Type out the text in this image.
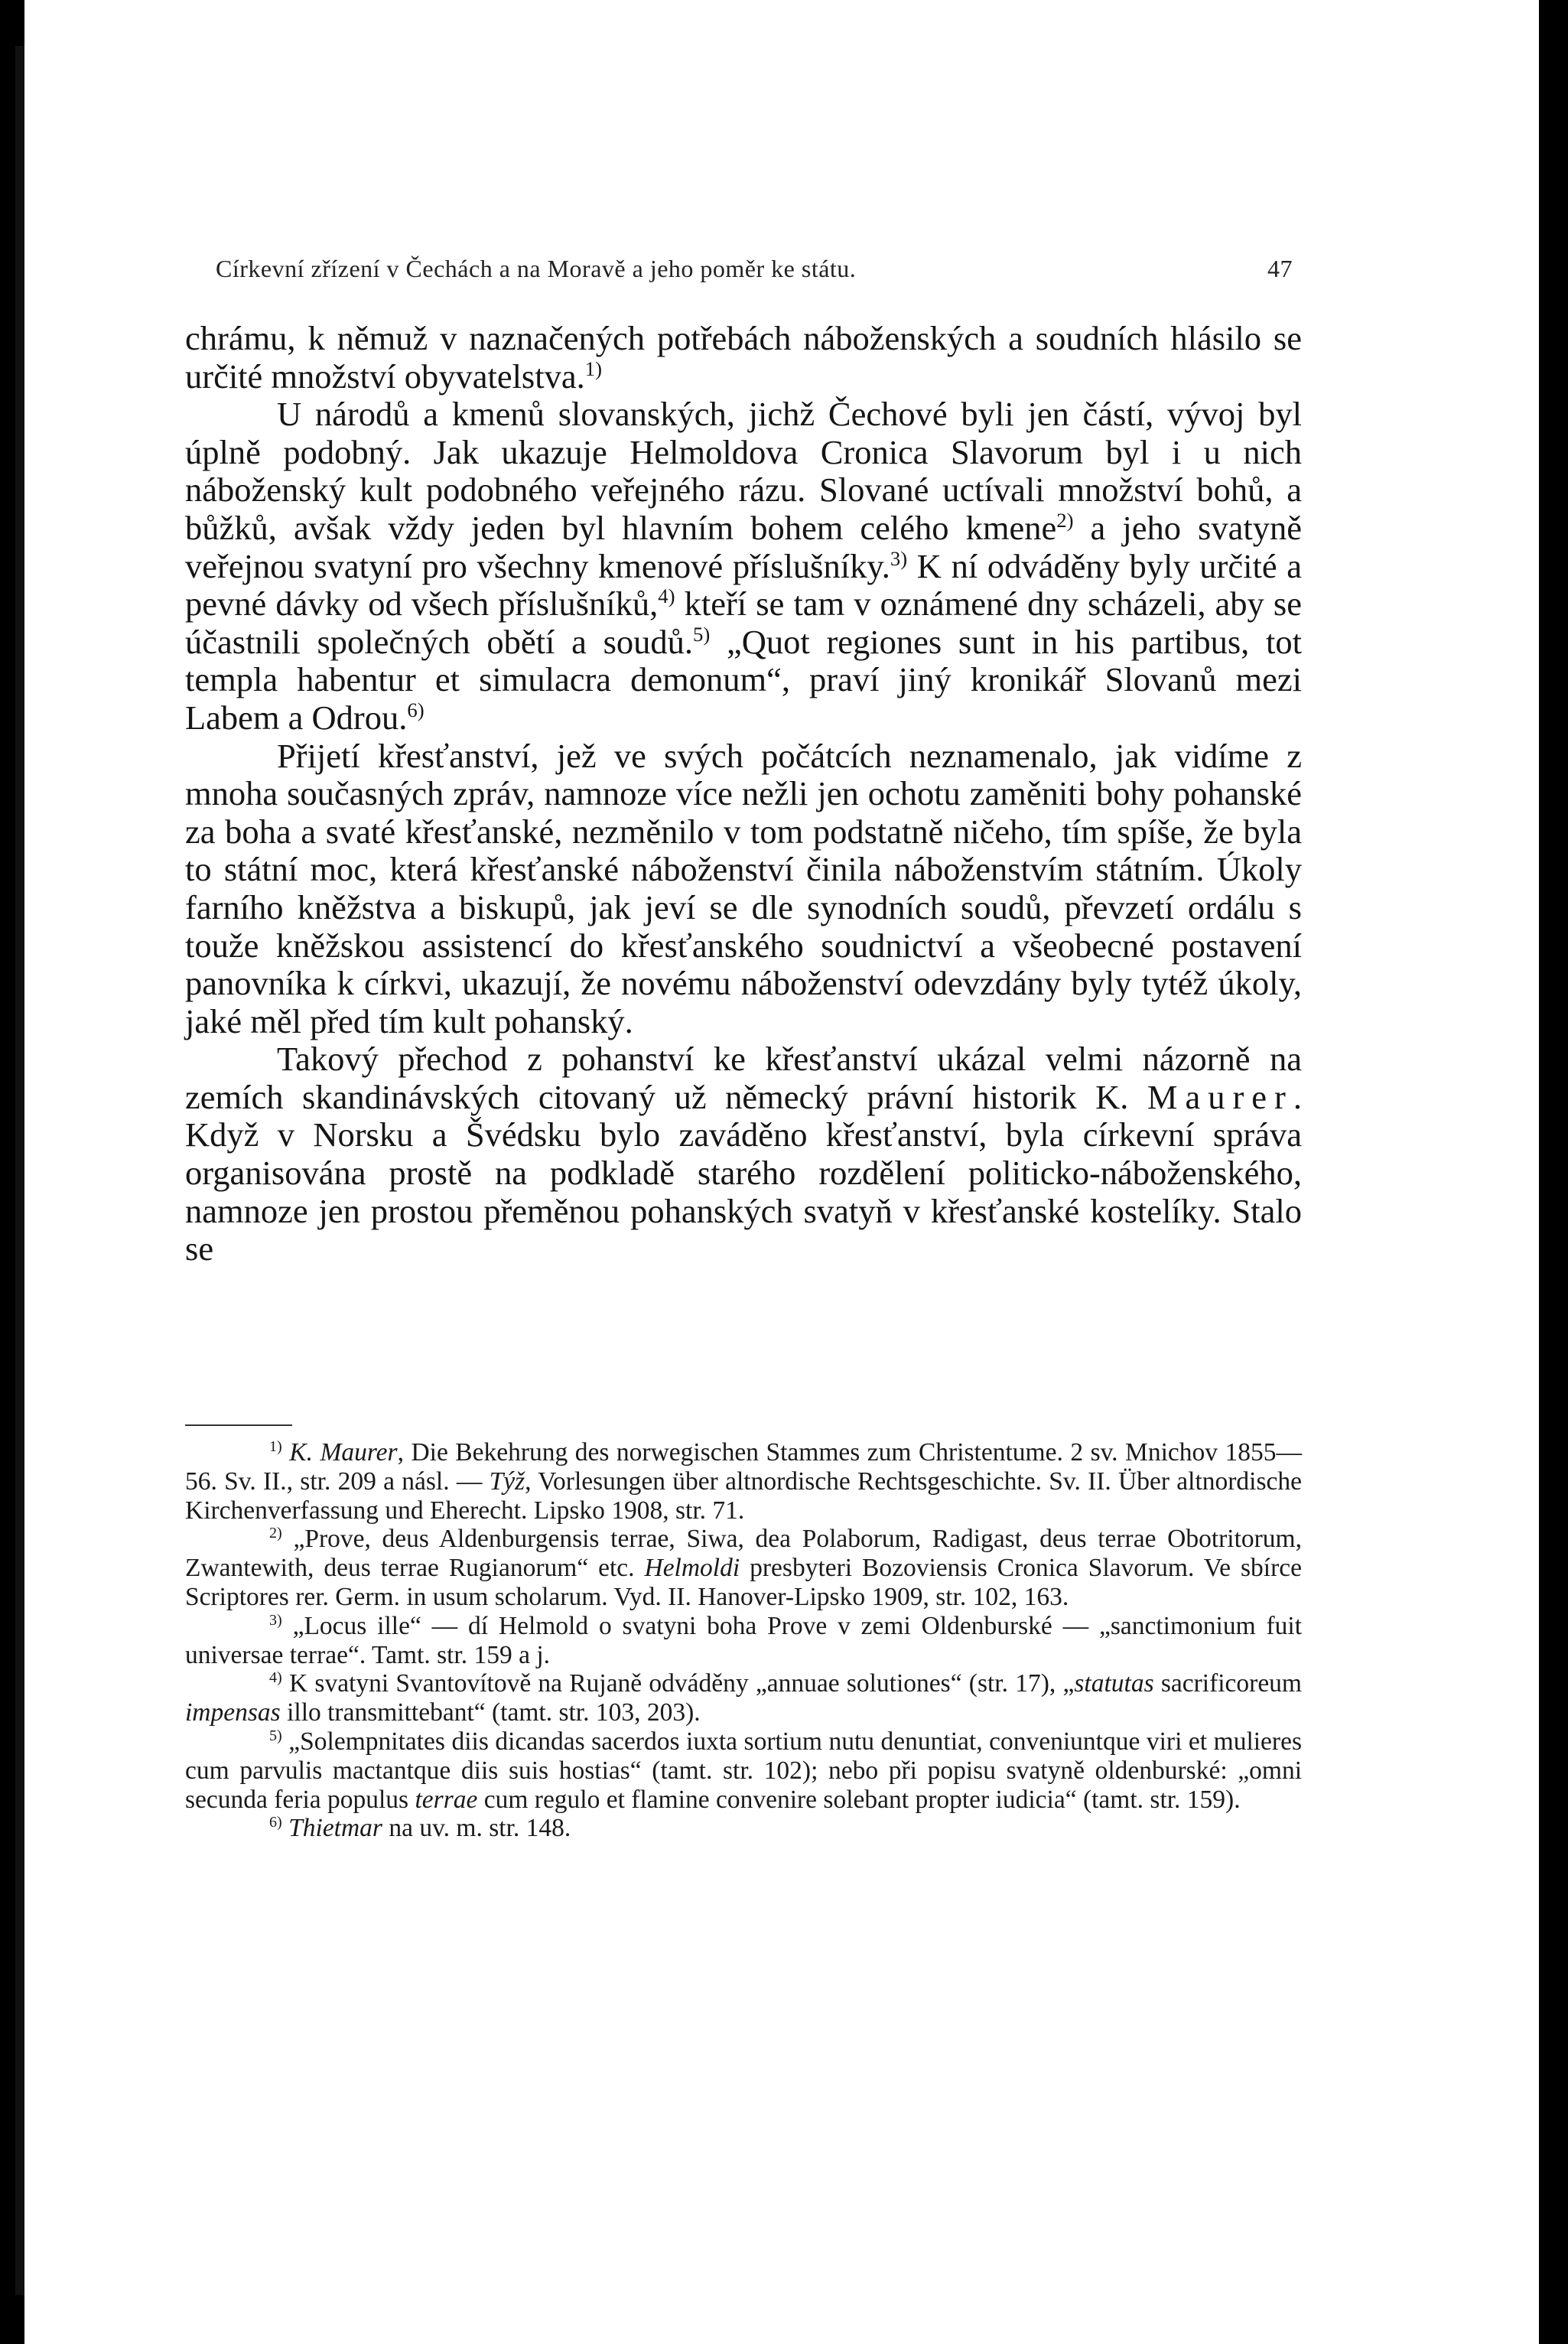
Církevní zřízení v Čechách a na Moravě a jeho poměr ke státu.	47

chrámu, k němuž v naznačených potřebách náboženských a soudních hlásilo se určité množství obyvatelstva.$^{1)}$

U národů a kmenů slovanských, jichž Čechové byli jen částí, vývoj byl úplně podobný. Jak ukazuje Helmoldova Cronica Slavorum byl i u nich náboženský kult podobného veřejného rázu. Slované uctívali množství bohů, a bůžků, avšak vždy jeden byl hlavním bohem celého kmene$^{2)}$ a jeho svatyně veřejnou svatyní pro všechny kmenové příslušníky.$^{3)}$ K ní odváděny byly určité a pevné dávky od všech příslušníků,$^{4)}$ kteří se tam v oznámené dny scházeli, aby se účastnili společných obětí a soudů.$^{5)}$ „Quot regiones sunt in his partibus, tot templa habentur et simulacra demonum“, praví jiný kronikář Slovanů mezi Labem a Odrou.$^{6)}$

Přijetí křesťanství, jež ve svých počátcích neznamenalo, jak vidíme z mnoha současných zpráv, namnoze více nežli jen ochotu zaměniti bohy pohanské za boha a svaté křesťanské, nezměnilo v tom podstatně ničeho, tím spíše, že byla to státní moc, která křesťanské náboženství činila náboženstvím státním. Úkoly farního kněžstva a biskupů, jak jeví se dle synodních soudů, převzetí ordálu s touže kněžskou assistencí do křesťanského soudnictví a všeobecné postavení panovníka k církvi, ukazují, že novému náboženství odevzdány byly tytéž úkoly, jaké měl před tím kult pohanský.

Takový přechod z pohanství ke křesťanství ukázal velmi názorně na zemích skandinávských citovaný už německý právní historik K. Maurer. Když v Norsku a Švédsku bylo zaváděno křesťanství, byla církevní správa organisována prostě na podkladě starého rozdělení politicko-náboženského, namnoze jen prostou přeměnou pohanských svatyň v křesťanské kostelíky. Stalo se

$^{1)}$ K. Maurer, Die Bekehrung des norwegischen Stammes zum Christentume. 2 sv. Mnichov 1855—56. Sv. II., str. 209 a násl. — Týž, Vorlesungen über altnordische Rechtsgeschichte. Sv. II. Über altnordische Kirchenverfassung und Eherecht. Lipsko 1908, str. 71.

$^{2)}$ „Prove, deus Aldenburgensis terrae, Siwa, dea Polaborum, Radigast, deus terrae Obotritorum, Zwantewith, deus terrae Rugianorum“ etc. Helmoldi presbyteri Bozoviensis Cronica Slavorum. Ve sbírce Scriptores rer. Germ. in usum scholarum. Vyd. II. Hanover-Lipsko 1909, str. 102, 163.

$^{3)}$ „Locus ille“ — dí Helmold o svatyni boha Prove v zemi Oldenburské — „sanctimonium fuit universae terrae“. Tamt. str. 159 a j.

$^{4)}$ K svatyni Svantovítově na Rujaně odváděny „annuae solutiones“ (str. 17), „statutas sacrificoreum impensas illo transmittebant“ (tamt. str. 103, 203).

$^{5)}$ „Solempnitates diis dicandas sacerdos iuxta sortium nutu denuntiat, conveniuntque viri et mulieres cum parvulis mactantque diis suis hostias“ (tamt. str. 102); nebo při popisu svatyně oldenburské: „omni secunda feria populus terrae cum regulo et flamine convenire solebant propter iudicia“ (tamt. str. 159).

$^{6)}$ Thietmar na uv. m. str. 148.
